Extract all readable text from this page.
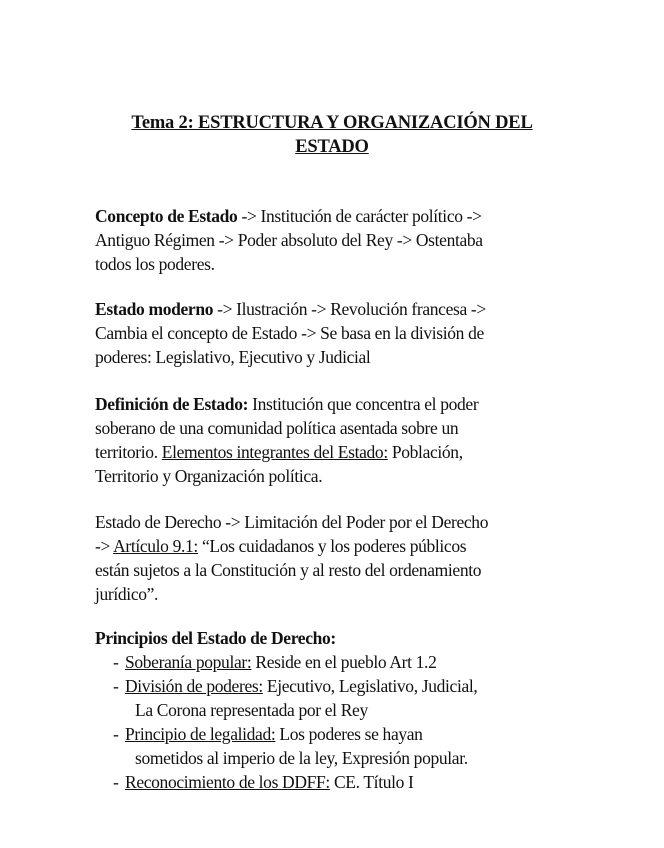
Tema 2: ESTRUCTURA Y ORGANIZACIÓN DEL
ESTADO
Concepto de Estado -> Institución de carácter político ->
Antiguo Régimen -> Poder absoluto del Rey -> Ostentaba
todos los poderes.
Estado moderno -> Ilustración -> Revolución francesa ->
Cambia el concepto de Estado -> Se basa en la división de
poderes: Legislativo, Ejecutivo y Judicial
Definición de Estado: Institución que concentra el poder
soberano de una comunidad política asentada sobre un
territorio. Elementos integrantes del Estado: Población,
Territorio y Organización política.
Estado de Derecho -> Limitación del Poder por el Derecho
-> Artículo 9.1: “Los cuidadanos y los poderes públicos
están sujetos a la Constitución y al resto del ordenamiento
jurídico”.
Principios del Estado de Derecho:
- Soberanía popular: Reside en el pueblo Art 1.2
- División de poderes: Ejecutivo, Legislativo, Judicial,
La Corona representada por el Rey
- Principio de legalidad: Los poderes se hayan
sometidos al imperio de la ley, Expresión popular.
- Reconocimiento de los DDFF: CE. Título I
